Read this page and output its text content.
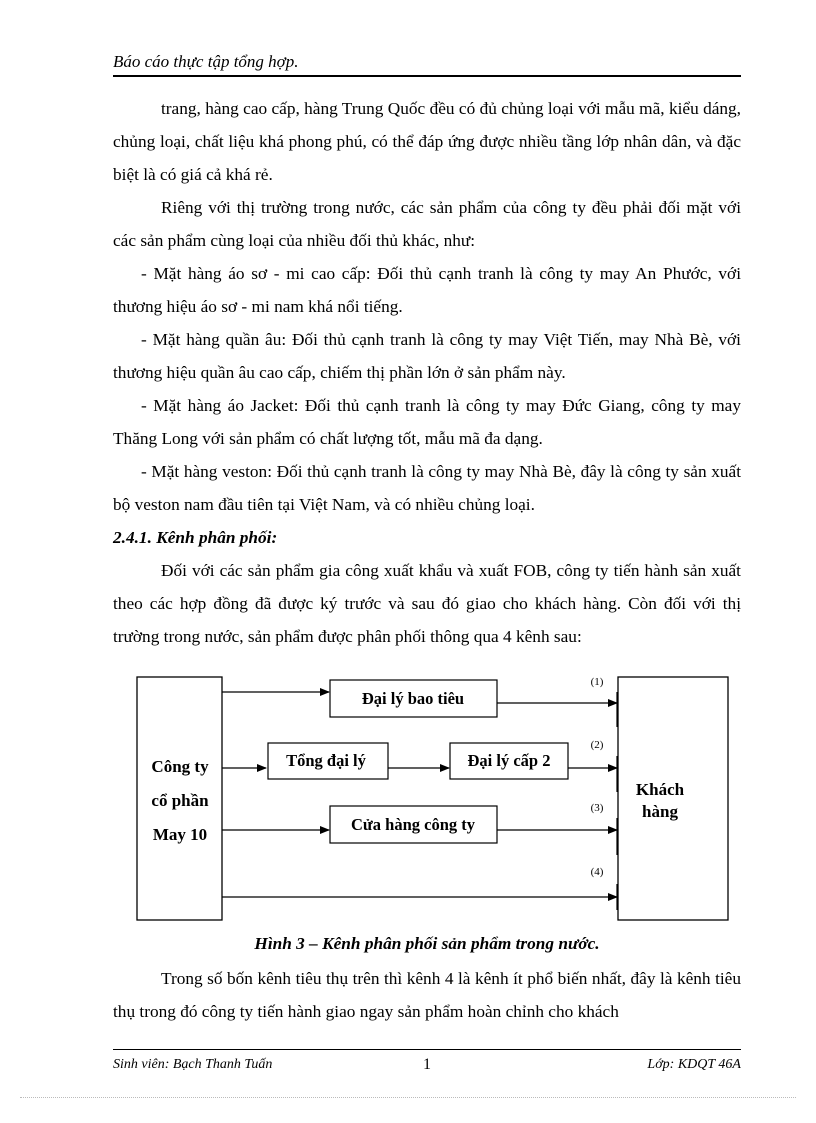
Báo cáo thực tập tổng hợp.

trang, hàng cao cấp, hàng Trung Quốc đều có đủ chủng loại với mẫu mã, kiểu dáng, chủng loại, chất liệu khá phong phú, có thể đáp ứng được nhiều tầng lớp nhân dân, và đặc biệt là có giá cả khá rẻ.

Riêng với thị trường trong nước, các sản phẩm của công ty đều phải đối mặt với các sản phẩm cùng loại của nhiều đối thủ khác, như:

- Mặt hàng áo sơ - mi cao cấp: Đối thủ cạnh tranh là công ty may An Phước, với thương hiệu áo sơ - mi nam khá nổi tiếng.

- Mặt hàng quần âu: Đối thủ cạnh tranh là công ty may Việt Tiến, may Nhà Bè, với thương hiệu quần âu cao cấp, chiếm thị phần lớn ở sản phẩm này.

- Mặt hàng áo Jacket: Đối thủ cạnh tranh là công ty may Đức Giang, công ty may Thăng Long với sản phẩm có chất lượng tốt, mẫu mã đa dạng.

- Mặt hàng veston: Đối thủ cạnh tranh là công ty may Nhà Bè, đây là công ty sản xuất bộ veston nam đầu tiên tại Việt Nam, và có nhiều chủng loại.

2.4.1. Kênh phân phối:

Đối với các sản phẩm gia công xuất khẩu và xuất FOB, công ty tiến hành sản xuất theo các hợp đồng đã được ký trước và sau đó giao cho khách hàng. Còn đối với thị trường trong nước, sản phẩm được phân phối thông qua 4 kênh sau:

Công ty
cổ phần
May 10
Khách
hàng
Đại lý bao tiêu
(1)
Tổng đại lý	Đại lý cấp 2
(2)
Cửa hàng công ty
(3)
(4)
Hình 3 – Kênh phân phối sản phẩm trong nước.

Trong số bốn kênh tiêu thụ trên thì kênh 4 là kênh ít phổ biến nhất, đây là kênh tiêu thụ trong đó công ty tiến hành giao ngay sản phẩm hoàn chỉnh cho khách

Sinh viên: Bạch Thanh Tuấn	1	Lớp: KDQT 46A
